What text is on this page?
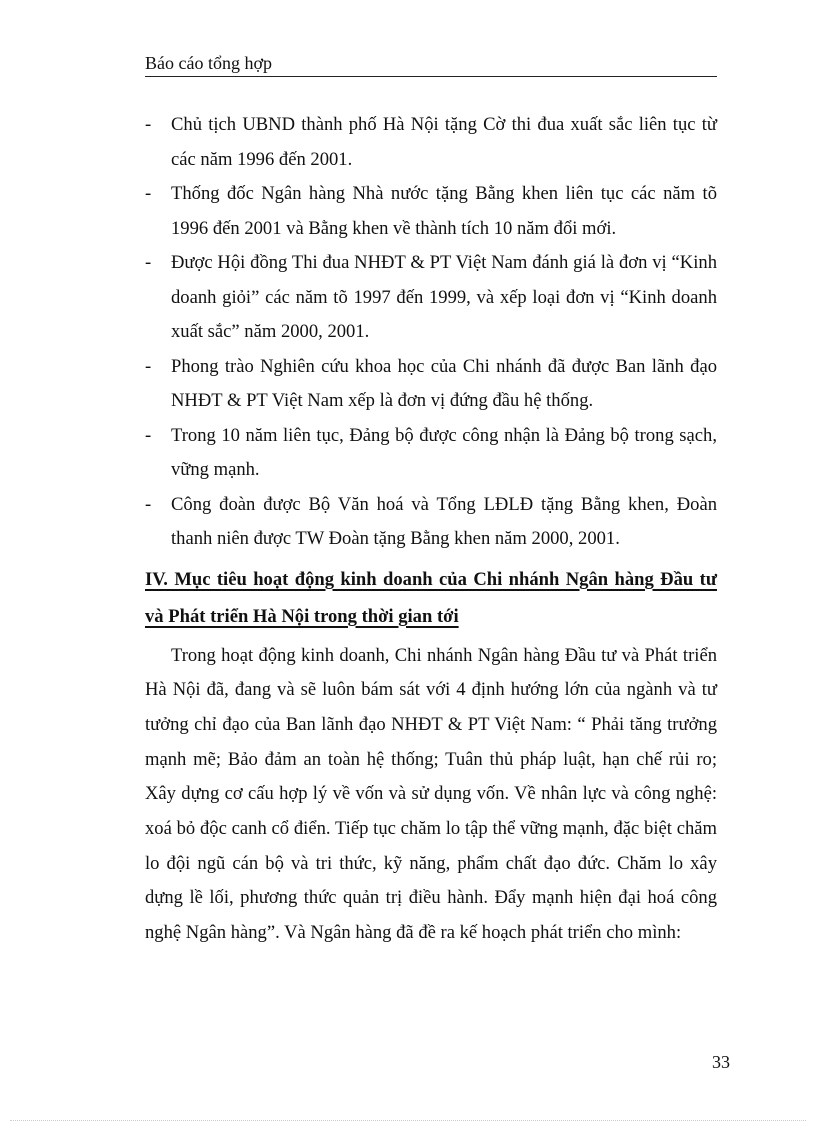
Báo cáo tổng hợp
- Chủ tịch UBND thành phố Hà Nội tặng Cờ thi đua xuất sắc liên tục từ các năm 1996 đến 2001.
- Thống đốc Ngân hàng Nhà nước tặng Bằng khen liên tục các năm tõ 1996 đến 2001 và Bằng khen về thành tích 10 năm đổi mới.
- Được Hội đồng Thi đua NHĐT & PT Việt Nam đánh giá là đơn vị “Kinh doanh giỏi” các năm tõ 1997 đến 1999, và xếp loại đơn vị “Kinh doanh xuất sắc” năm 2000, 2001.
- Phong trào Nghiên cứu khoa học của Chi nhánh đã được Ban lãnh đạo NHĐT & PT Việt Nam xếp là đơn vị đứng đầu hệ thống.
- Trong 10 năm liên tục, Đảng bộ được công nhận là Đảng bộ trong sạch, vững mạnh.
- Công đoàn được Bộ Văn hoá và Tổng LĐLĐ tặng Bằng khen, Đoàn thanh niên được TW Đoàn tặng Bằng khen năm 2000, 2001.
IV. Mục tiêu hoạt động kinh doanh của Chi nhánh Ngân hàng Đầu tư và Phát triển Hà Nội trong thời gian tới

Trong hoạt động kinh doanh, Chi nhánh Ngân hàng Đầu tư và Phát triển Hà Nội đã, đang và sẽ luôn bám sát với 4 định hướng lớn của ngành và tư tưởng chỉ đạo của Ban lãnh đạo NHĐT & PT Việt Nam: “ Phải tăng trưởng mạnh mẽ; Bảo đảm an toàn hệ thống; Tuân thủ pháp luật, hạn chế rủi ro; Xây dựng cơ cấu hợp lý về vốn và sử dụng vốn. Về nhân lực và công nghệ: xoá bỏ độc canh cổ điển. Tiếp tục chăm lo tập thể vững mạnh, đặc biệt chăm lo đội ngũ cán bộ và tri thức, kỹ năng, phẩm chất đạo đức. Chăm lo xây dựng lề lối, phương thức quản trị điều hành. Đẩy mạnh hiện đại hoá công nghệ Ngân hàng”. Và Ngân hàng đã đề ra kế hoạch phát triển cho mình:

33
